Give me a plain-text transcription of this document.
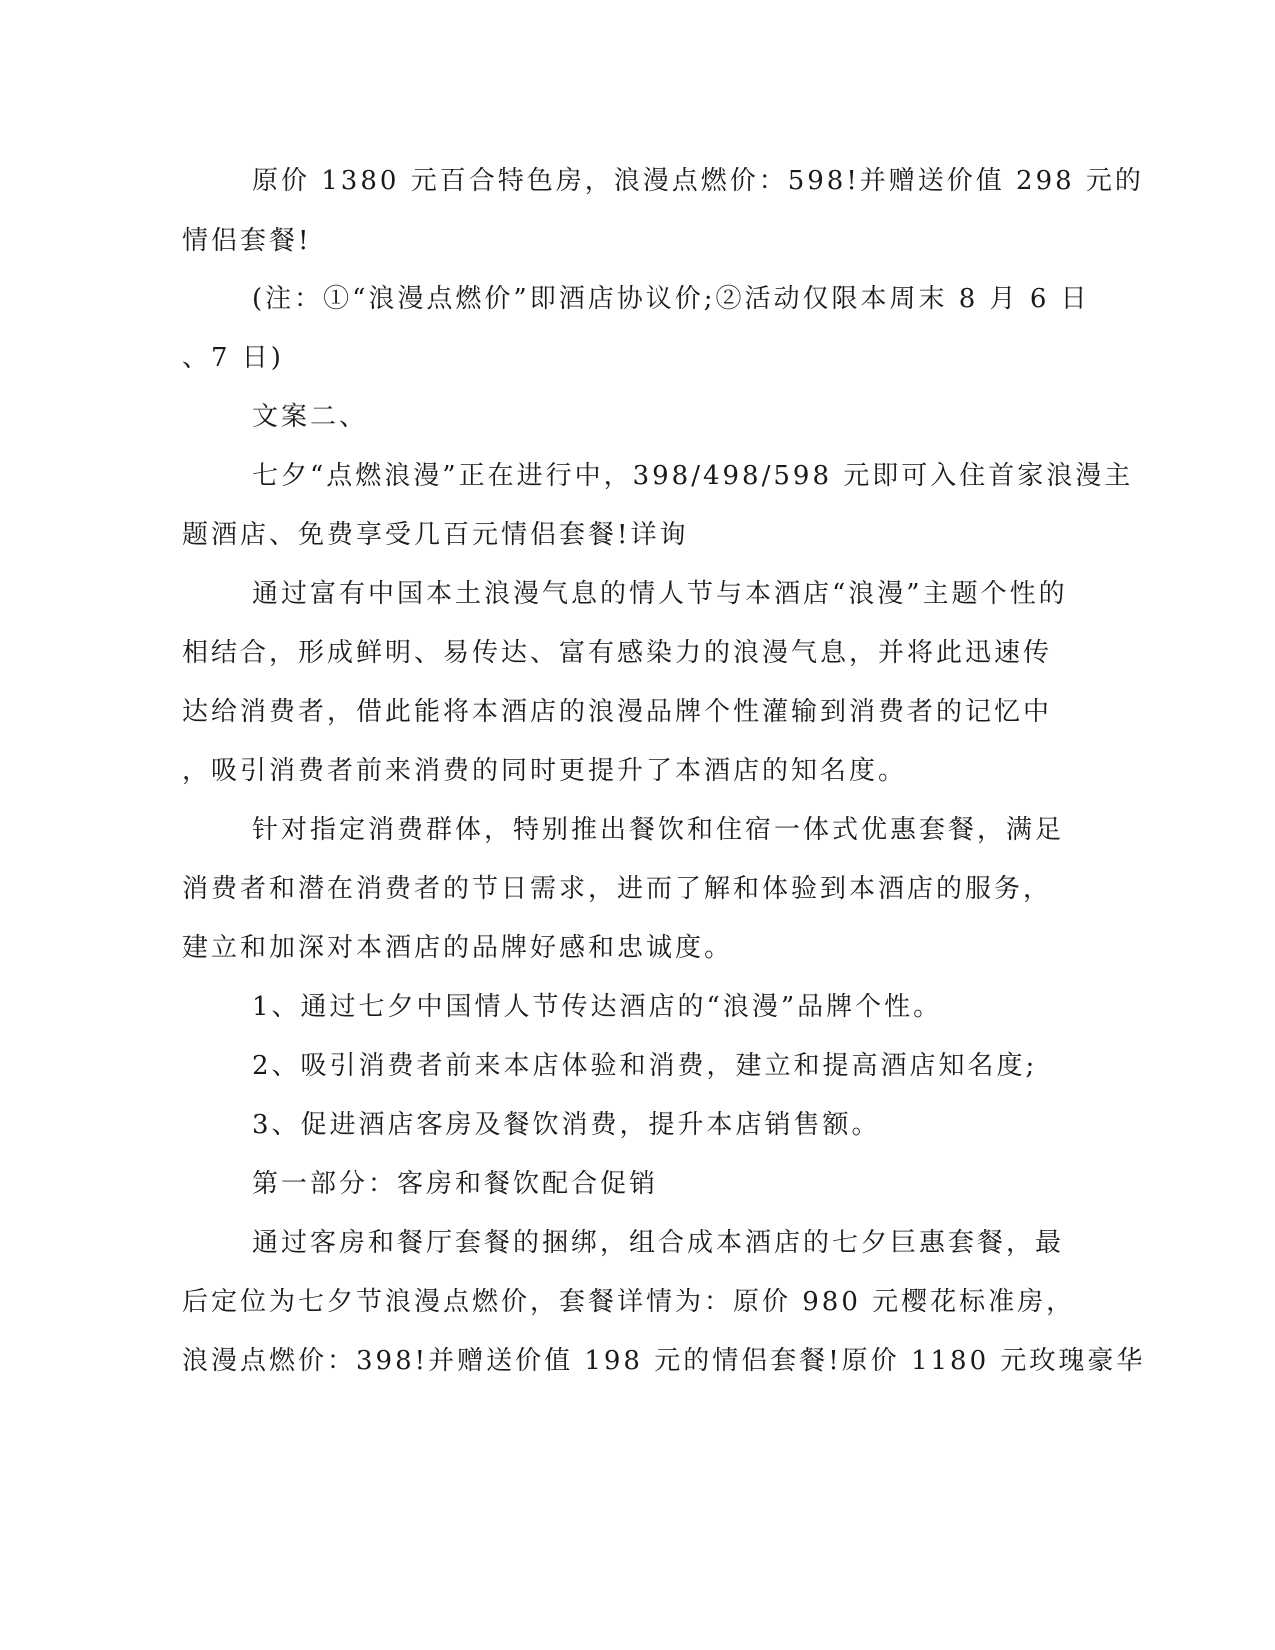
原价 1380 元百合特色房，浪漫点燃价：598!并赠送价值 298 元的
情侣套餐!
(注：①“浪漫点燃价”即酒店协议价;②活动仅限本周末 8 月 6 日
、7 日)
文案二、
七夕“点燃浪漫”正在进行中，398/498/598 元即可入住首家浪漫主
题酒店、免费享受几百元情侣套餐!详询
通过富有中国本土浪漫气息的情人节与本酒店“浪漫”主题个性的
相结合，形成鲜明、易传达、富有感染力的浪漫气息，并将此迅速传
达给消费者，借此能将本酒店的浪漫品牌个性灌输到消费者的记忆中
，吸引消费者前来消费的同时更提升了本酒店的知名度。
针对指定消费群体，特别推出餐饮和住宿一体式优惠套餐，满足
消费者和潜在消费者的节日需求，进而了解和体验到本酒店的服务，
建立和加深对本酒店的品牌好感和忠诚度。
1、通过七夕中国情人节传达酒店的“浪漫”品牌个性。
2、吸引消费者前来本店体验和消费，建立和提高酒店知名度;
3、促进酒店客房及餐饮消费，提升本店销售额。
第一部分：客房和餐饮配合促销
通过客房和餐厅套餐的捆绑，组合成本酒店的七夕巨惠套餐，最
后定位为七夕节浪漫点燃价，套餐详情为：原价 980 元樱花标准房，
浪漫点燃价：398!并赠送价值 198 元的情侣套餐!原价 1180 元玫瑰豪华
